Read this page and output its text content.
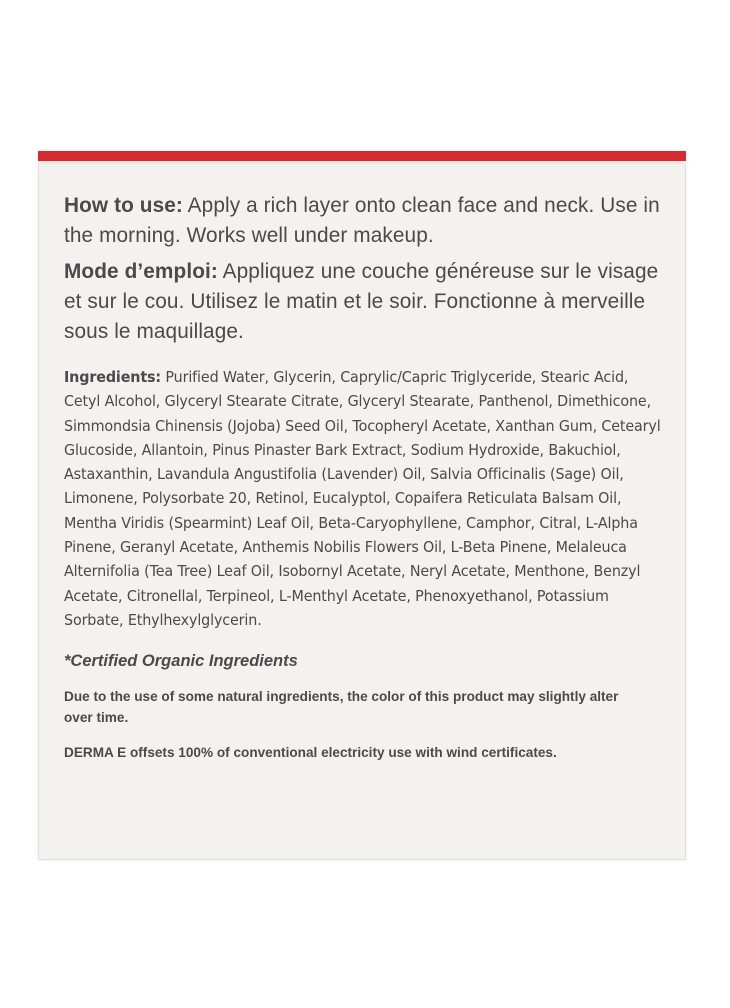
How to use: Apply a rich layer onto clean face and neck. Use in the morning. Works well under makeup.

Mode d’emploi: Appliquez une couche généreuse sur le visage et sur le cou. Utilisez le matin et le soir. Fonctionne à merveille sous le maquillage.

Ingredients: Purified Water, Glycerin, Caprylic/Capric Triglyceride, Stearic Acid, Cetyl Alcohol, Glyceryl Stearate Citrate, Glyceryl Stearate, Panthenol, Dimethicone, Simmondsia Chinensis (Jojoba) Seed Oil, Tocopheryl Acetate, Xanthan Gum, Cetearyl Glucoside, Allantoin, Pinus Pinaster Bark Extract, Sodium Hydroxide, Bakuchiol, Astaxanthin, Lavandula Angustifolia (Lavender) Oil, Salvia Officinalis (Sage) Oil, Limonene, Polysorbate 20, Retinol, Eucalyptol, Copaifera Reticulata Balsam Oil, Mentha Viridis (Spearmint) Leaf Oil, Beta-Caryophyllene, Camphor, Citral, L-Alpha Pinene, Geranyl Acetate, Anthemis Nobilis Flowers Oil, L-Beta Pinene, Melaleuca Alternifolia (Tea Tree) Leaf Oil, Isobornyl Acetate, Neryl Acetate, Menthone, Benzyl Acetate, Citronellal, Terpineol, L-Menthyl Acetate, Phenoxyethanol, Potassium Sorbate, Ethylhexylglycerin.
*Certified Organic Ingredients
Due to the use of some natural ingredients, the color of this product may slightly alter over time.
DERMA E offsets 100% of conventional electricity use with wind certificates.
